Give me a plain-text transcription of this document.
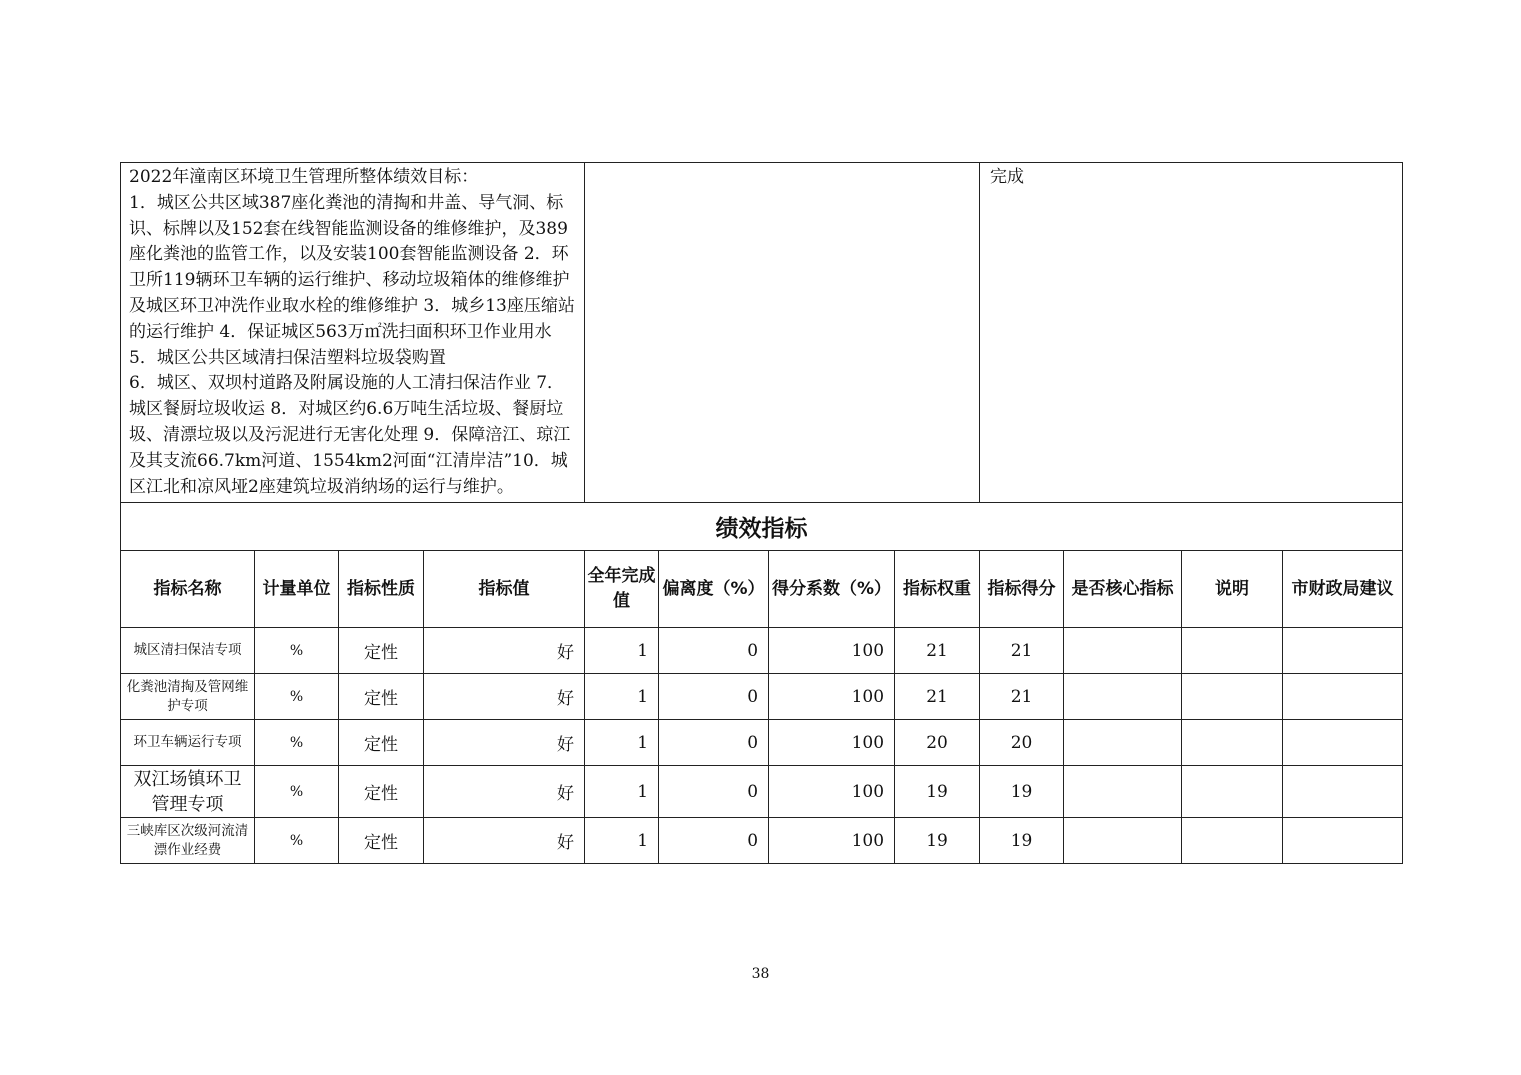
2022年潼南区环境卫生管理所整体绩效目标：
1．城区公共区域387座化粪池的清掏和井盖、导气洞、标识、标牌以及152套在线智能监测设备的维修维护，及389座化粪池的监管工作，以及安装100套智能监测设备 2．环卫所119辆环卫车辆的运行维护、移动垃圾箱体的维修维护及城区环卫冲洗作业取水栓的维修维护 3．城乡13座压缩站的运行维护 4．保证城区563万㎡洗扫面积环卫作业用水 5．城区公共区域清扫保洁塑料垃圾袋购置
6．城区、双坝村道路及附属设施的人工清扫保洁作业 7．城区餐厨垃圾收运 8．对城区约6.6万吨生活垃圾、餐厨垃圾、清漂垃圾以及污泥进行无害化处理 9．保障涪江、琼江及其支流66.7km河道、1554km2河面“江清岸洁”10．城区江北和凉风垭2座建筑垃圾消纳场的运行与维护。								完成			
绩效指标											
指标名称	计量单位	指标性质	指标值	全年完成值	偏离度（%）	得分系数（%）	指标权重	指标得分	是否核心指标	说明	市财政局建议
城区清扫保洁专项	%	定性	好	1	0	100	21	21			
化粪池清掏及管网维护专项	%	定性	好	1	0	100	21	21			
环卫车辆运行专项	%	定性	好	1	0	100	20	20			
双江场镇环卫管理专项	%	定性	好	1	0	100	19	19			
三峡库区次级河流清漂作业经费	%	定性	好	1	0	100	19	19			
38
